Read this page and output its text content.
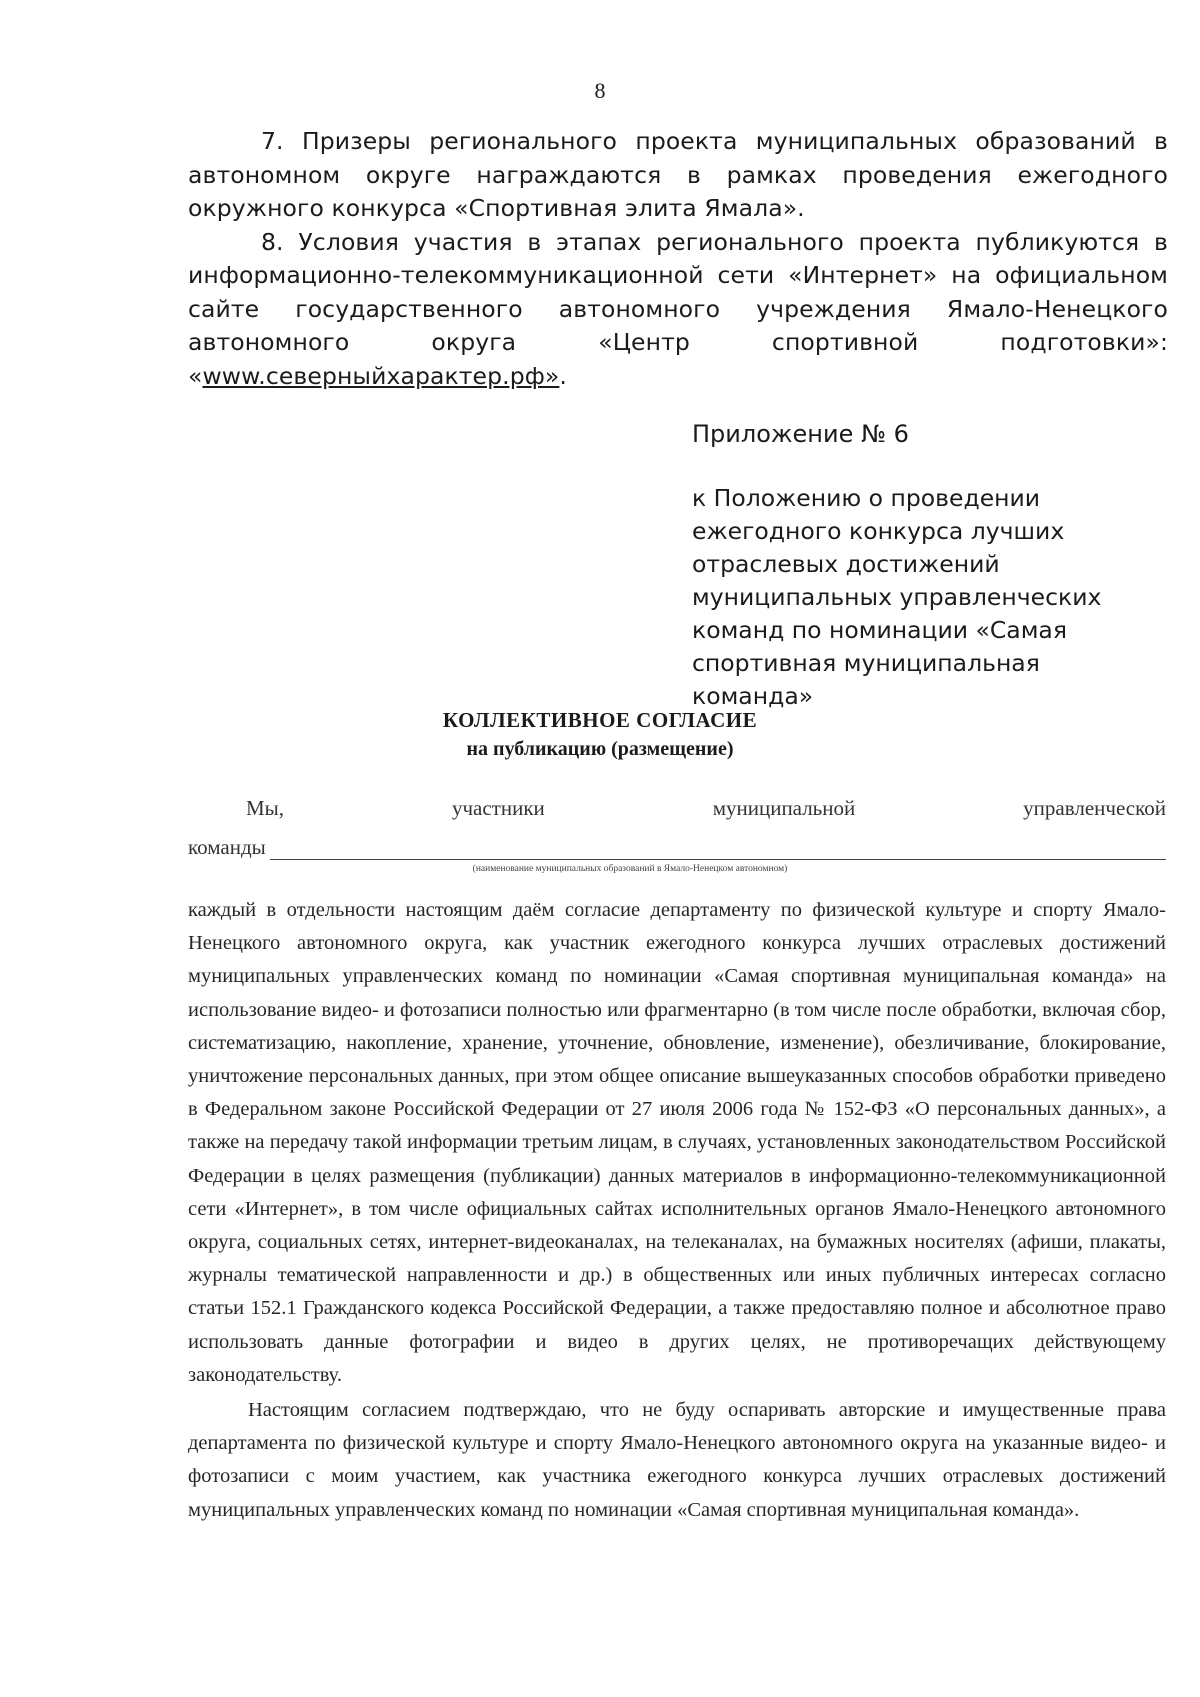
8

7. Призеры регионального проекта муниципальных образований в автономном округе награждаются в рамках проведения ежегодного окружного конкурса «Спортивная элита Ямала».

8. Условия участия в этапах регионального проекта публикуются в информационно-телекоммуникационной сети «Интернет» на официальном сайте государственного автономного учреждения Ямало-Ненецкого автономного округа «Центр спортивной подготовки»: «www.северныйхарактер.рф».

Приложение № 6
к Положению о проведении ежегодного конкурса лучших отраслевых достижений муниципальных управленческих команд по номинации «Самая спортивная муниципальная команда»
КОЛЛЕКТИВНОЕ СОГЛАСИЕ
на публикацию (размещение)
Мы,	участники	муниципальной	управленческой
команды
(наименование муниципальных образований в Ямало-Ненецком автономном)

каждый в отдельности настоящим даём согласие департаменту по физической культуре и спорту Ямало-Ненецкого автономного округа, как участник ежегодного конкурса лучших отраслевых достижений муниципальных управленческих команд по номинации «Самая спортивная муниципальная команда» на использование видео- и фотозаписи полностью или фрагментарно (в том числе после обработки, включая сбор, систематизацию, накопление, хранение, уточнение, обновление, изменение), обезличивание, блокирование, уничтожение персональных данных, при этом общее описание вышеуказанных способов обработки приведено в Федеральном законе Российской Федерации от 27 июля 2006 года № 152-ФЗ «О персональных данных», а также на передачу такой информации третьим лицам, в случаях, установленных законодательством Российской Федерации в целях размещения (публикации) данных материалов в информационно-телекоммуникационной сети «Интернет», в том числе официальных сайтах исполнительных органов Ямало-Ненецкого автономного округа, социальных сетях, интернет-видеоканалах, на телеканалах, на бумажных носителях (афиши, плакаты, журналы тематической направленности и др.) в общественных или иных публичных интересах согласно статьи 152.1 Гражданского кодекса Российской Федерации, а также предоставляю полное и абсолютное право использовать данные фотографии и видео в других целях, не противоречащих действующему законодательству.

Настоящим согласием подтверждаю, что не буду оспаривать авторские и имущественные права департамента по физической культуре и спорту Ямало-Ненецкого автономного округа на указанные видео- и фотозаписи с моим участием, как участника ежегодного конкурса лучших отраслевых достижений муниципальных управленческих команд по номинации «Самая спортивная муниципальная команда».
